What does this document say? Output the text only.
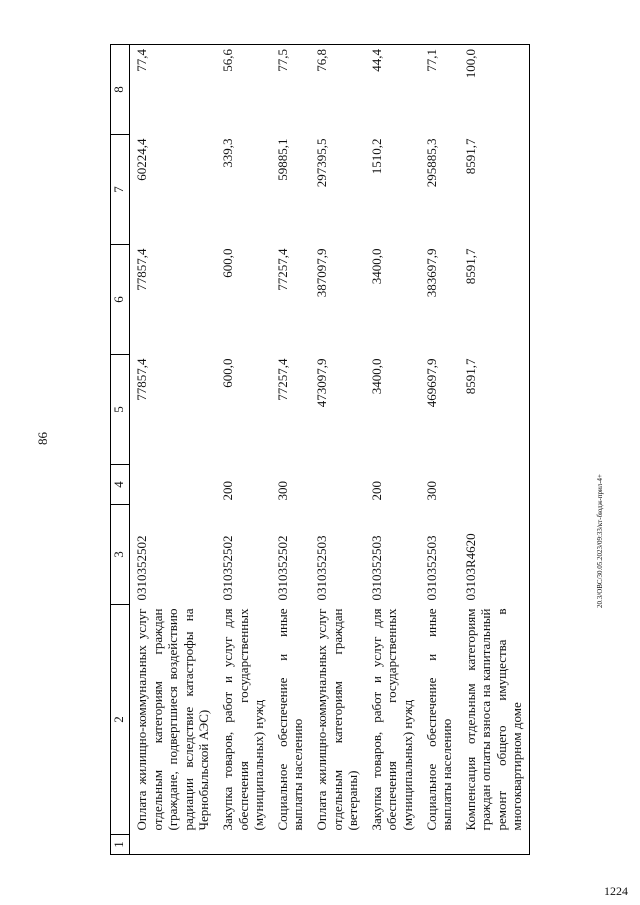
86
20.3/OBC/30.05.2023/09:33/кт-бюдж-прил-4+
1224
1	2	3	4	5	6	7	8
	Оплата жилищно-коммунальных услуг отдельным категориям граждан (граждане, подвергшиеся воздействию радиации вследствие катастрофы на Чернобыльской АЭС)	0310352502		77857,4	77857,4	60224,4	77,4
	Закупка товаров, работ и услуг для обеспечения государственных (муниципальных) нужд	0310352502	200	600,0	600,0	339,3	56,6
	Социальное обеспечение и иные выплаты населению	0310352502	300	77257,4	77257,4	59885,1	77,5
	Оплата жилищно-коммунальных услуг отдельным категориям граждан (ветераны)	0310352503		473097,9	387097,9	297395,5	76,8
	Закупка товаров, работ и услуг для обеспечения государственных (муниципальных) нужд	0310352503	200	3400,0	3400,0	1510,2	44,4
	Социальное обеспечение и иные выплаты населению	0310352503	300	469697,9	383697,9	295885,3	77,1
	Компенсация отдельным категориям граждан оплаты взноса на капитальный ремонт общего имущества в многоквартирном доме	03103R4620		8591,7	8591,7	8591,7	100,0
